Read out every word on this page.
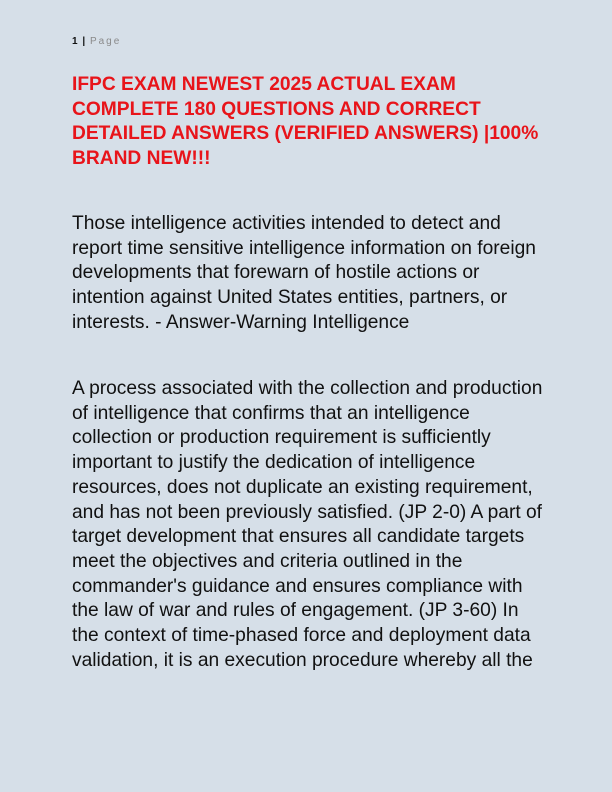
1 | Page
IFPC EXAM NEWEST 2025 ACTUAL EXAM COMPLETE 180 QUESTIONS AND CORRECT DETAILED ANSWERS (VERIFIED ANSWERS) |100% BRAND NEW!!!

Those intelligence activities intended to detect and report time sensitive intelligence information on foreign developments that forewarn of hostile actions or intention against United States entities, partners, or interests. - Answer-Warning Intelligence

A process associated with the collection and production of intelligence that confirms that an intelligence collection or production requirement is sufficiently important to justify the dedication of intelligence resources, does not duplicate an existing requirement, and has not been previously satisfied. (JP 2-0) A part of target development that ensures all candidate targets meet the objectives and criteria outlined in the commander's guidance and ensures compliance with the law of war and rules of engagement. (JP 3-60) In the context of time-phased force and deployment data validation, it is an execution procedure whereby all the
